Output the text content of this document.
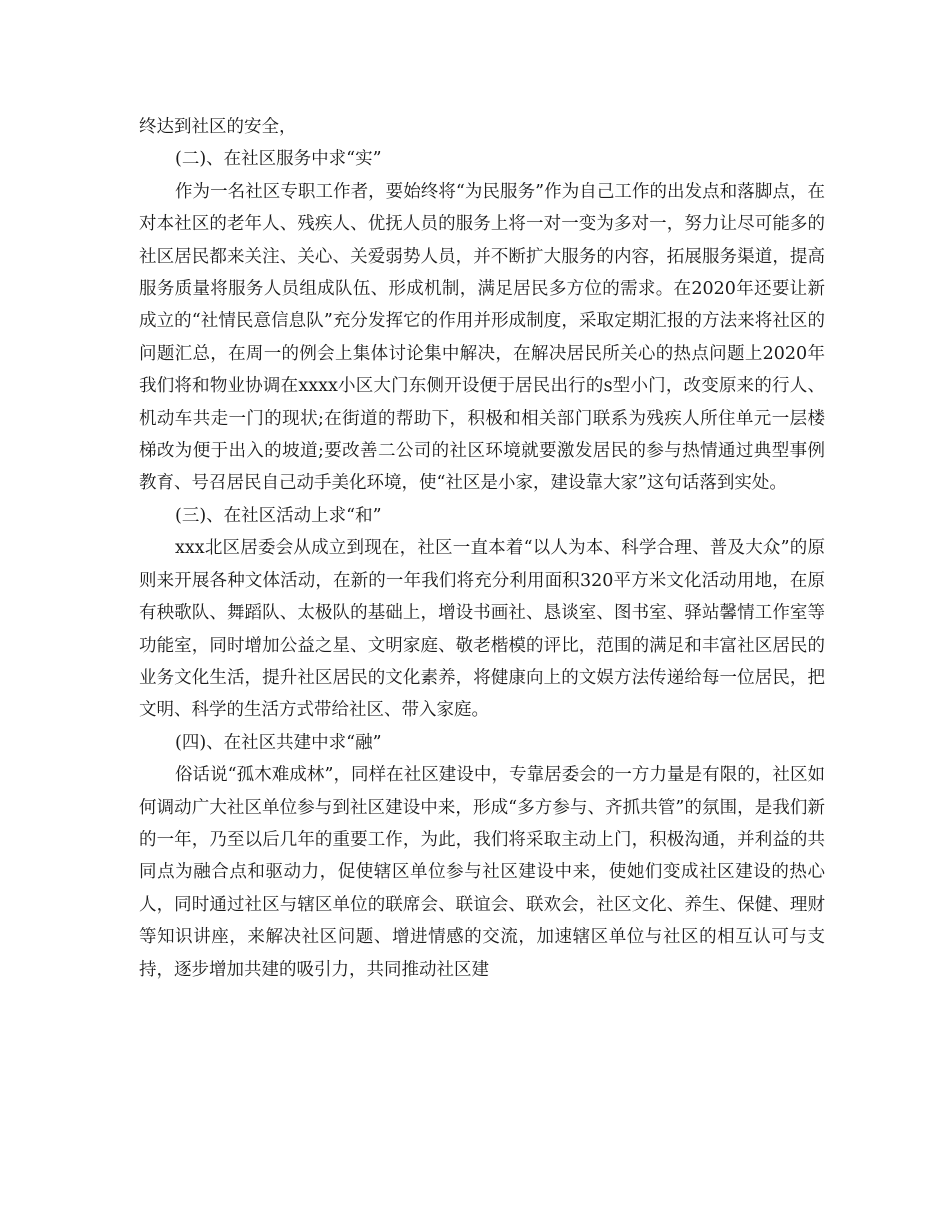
终达到社区的安全，

(二)、在社区服务中求“实”

作为一名社区专职工作者，要始终将“为民服务”作为自己工作的出发点和落脚点，在对本社区的老年人、残疾人、优抚人员的服务上将一对一变为多对一，努力让尽可能多的社区居民都来关注、关心、关爱弱势人员，并不断扩大服务的内容，拓展服务渠道，提高服务质量将服务人员组成队伍、形成机制，满足居民多方位的需求。在2020年还要让新成立的“社情民意信息队”充分发挥它的作用并形成制度，采取定期汇报的方法来将社区的问题汇总，在周一的例会上集体讨论集中解决，在解决居民所关心的热点问题上2020年我们将和物业协调在xxxx小区大门东侧开设便于居民出行的s型小门，改变原来的行人、机动车共走一门的现状;在街道的帮助下，积极和相关部门联系为残疾人所住单元一层楼梯改为便于出入的坡道;要改善二公司的社区环境就要激发居民的参与热情通过典型事例教育、号召居民自己动手美化环境，使“社区是小家，建设靠大家”这句话落到实处。

(三)、在社区活动上求“和”

xxx北区居委会从成立到现在，社区一直本着“以人为本、科学合理、普及大众”的原则来开展各种文体活动，在新的一年我们将充分利用面积320平方米文化活动用地，在原有秧歌队、舞蹈队、太极队的基础上，增设书画社、恳谈室、图书室、驿站馨情工作室等功能室，同时增加公益之星、文明家庭、敬老楷模的评比，范围的满足和丰富社区居民的业务文化生活，提升社区居民的文化素养，将健康向上的文娱方法传递给每一位居民，把文明、科学的生活方式带给社区、带入家庭。

(四)、在社区共建中求“融”

俗话说“孤木难成林”，同样在社区建设中，专靠居委会的一方力量是有限的，社区如何调动广大社区单位参与到社区建设中来，形成“多方参与、齐抓共管”的氛围，是我们新的一年，乃至以后几年的重要工作，为此，我们将采取主动上门，积极沟通，并利益的共同点为融合点和驱动力，促使辖区单位参与社区建设中来，使她们变成社区建设的热心人，同时通过社区与辖区单位的联席会、联谊会、联欢会，社区文化、养生、保健、理财等知识讲座，来解决社区问题、增进情感的交流，加速辖区单位与社区的相互认可与支持，逐步增加共建的吸引力，共同推动社区建
